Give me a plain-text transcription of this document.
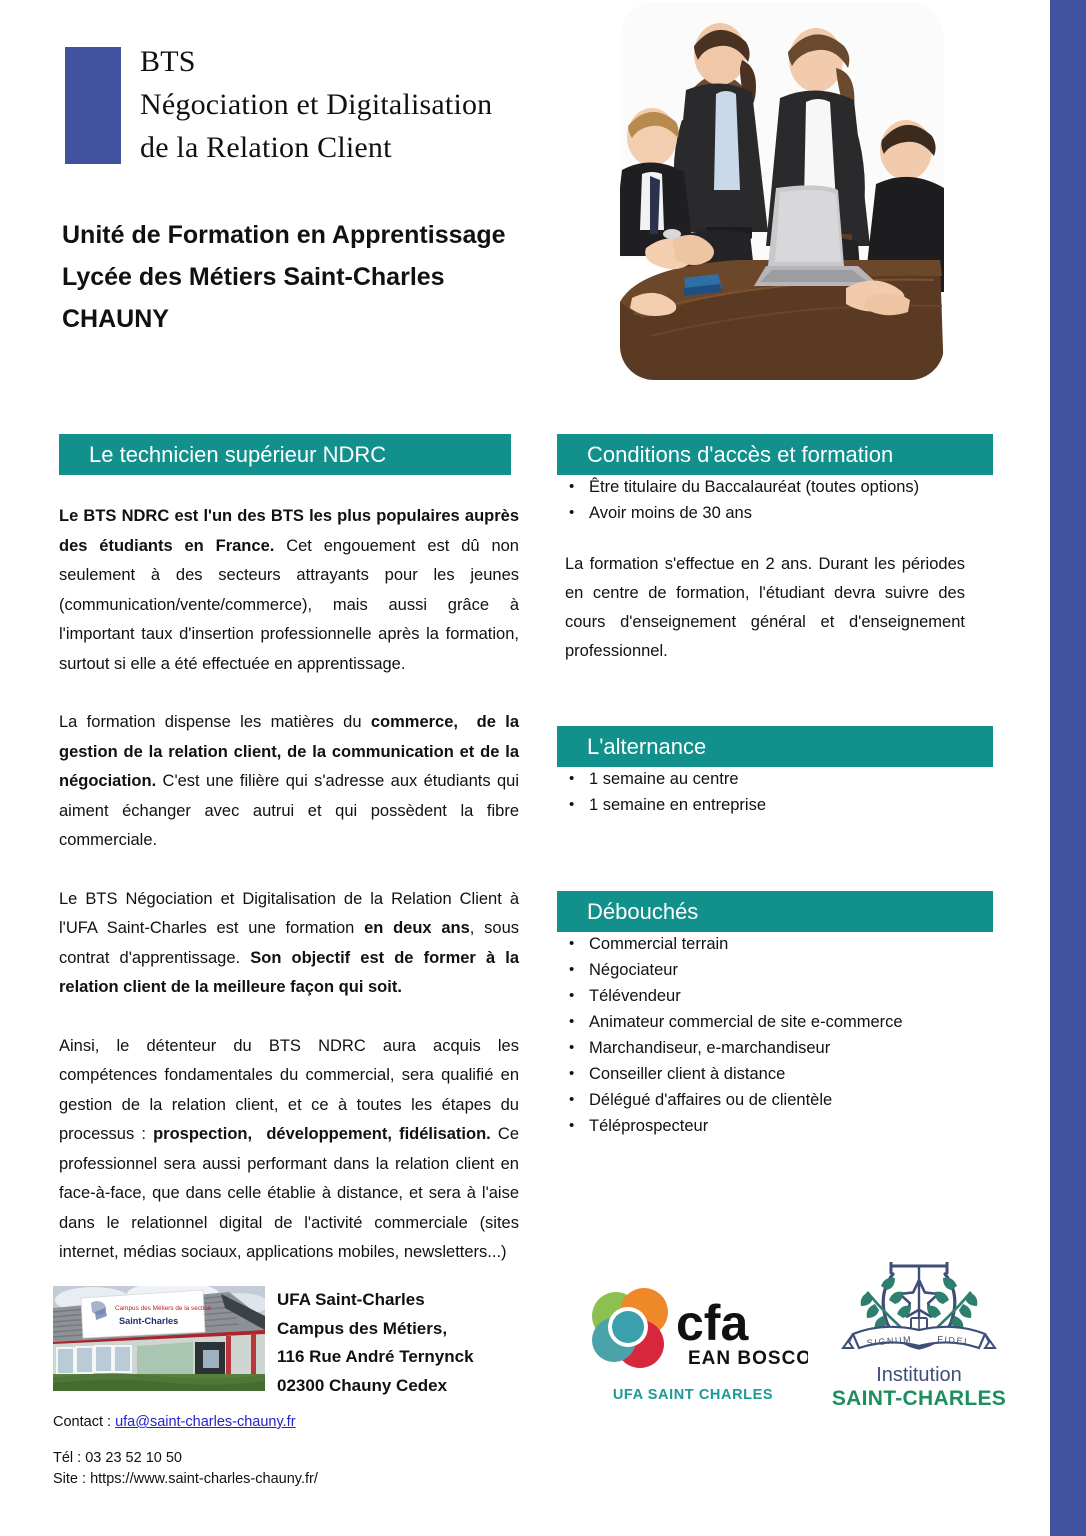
BTS
Négociation et Digitalisation
de la Relation Client
Unité de Formation en Apprentissage
Lycée des Métiers Saint-Charles
CHAUNY
Le technicien supérieur NDRC

Le BTS NDRC est l'un des BTS les plus populaires auprès des étudiants en France. Cet engouement est dû non seulement à des secteurs attrayants pour les jeunes (communication/vente/commerce), mais aussi grâce à l'important taux d'insertion professionnelle après la formation, surtout si elle a été effectuée en apprentissage.

La formation dispense les matières du commerce,  de la gestion de la relation client, de la communication et de la négociation. C'est une filière qui s'adresse aux étudiants qui aiment échanger avec autrui et qui possèdent la fibre commerciale.

Le BTS Négociation et Digitalisation de la Relation Client à l'UFA Saint-Charles est une formation en deux ans, sous contrat d'apprentissage. Son objectif est de former à la relation client de la meilleure façon qui soit.

Ainsi, le détenteur du BTS NDRC aura acquis les compétences fondamentales du commercial, sera qualifié en gestion de la relation client, et ce à toutes les étapes du processus : prospection,  développement, fidélisation. Ce professionnel sera aussi performant dans la relation client en face-à-face, que dans celle établie à distance, et sera à l'aise dans le relationnel digital de l'activité commerciale (sites internet, médias sociaux, applications mobiles, newsletters...)

Conditions d'accès et formation
• Être titulaire du Baccalauréat (toutes options)
• Avoir moins de 30 ans

La formation s'effectue en 2 ans. Durant les périodes en centre de formation, l'étudiant devra suivre des cours d'enseignement général et d'enseignement professionnel.

L'alternance
• 1 semaine au centre
• 1 semaine en entreprise
Débouchés
• Commercial terrain
• Négociateur
• Télévendeur
• Animateur commercial de site e-commerce
• Marchandiseur, e-marchandiseur
• Conseiller client à distance
• Délégué d'affaires ou de clientèle
• Téléprospecteur
Campus des Métiers de la section
Saint-Charles
UFA Saint-Charles
Campus des Métiers,
116 Rue André Ternynck
02300 Chauny Cedex
Contact : ufa@saint-charles-chauny.fr
Tél : 03 23 52 10 50
Site : https://www.saint-charles-chauny.fr/
cfa
EAN BOSCO
UFA SAINT CHARLES
SIGNUM	FIDEI
Institution
SAINT-CHARLES
